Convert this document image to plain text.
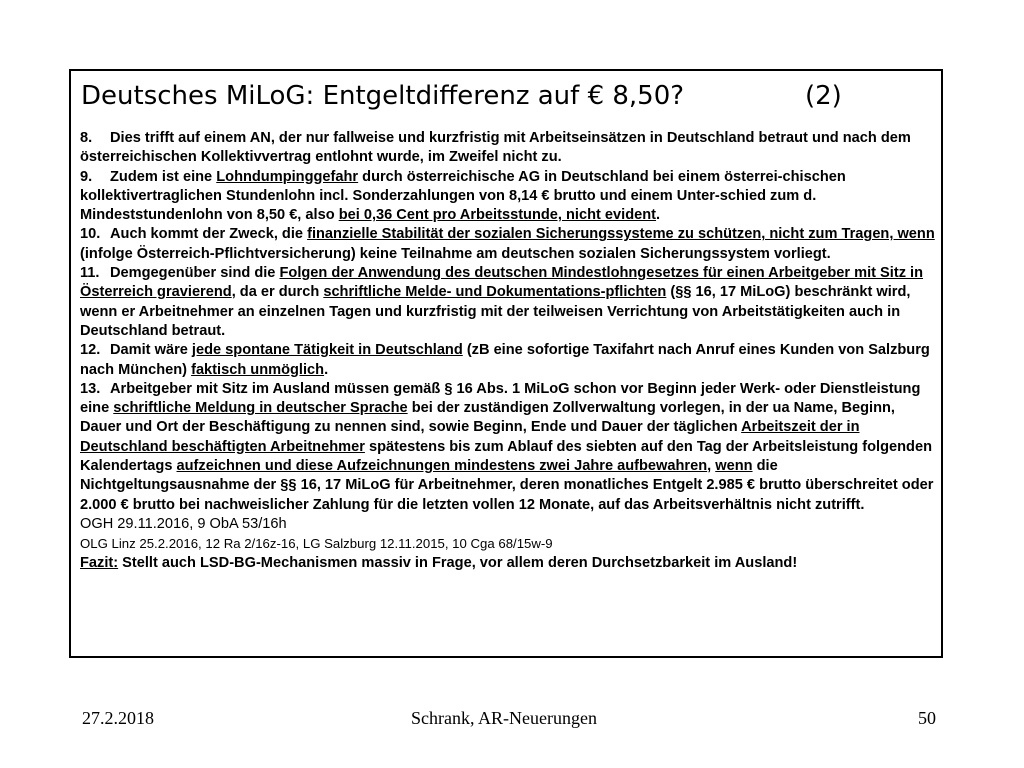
Deutsches MiLoG: Entgeltdifferenz auf € 8,50?	(2)

8. Dies trifft auf einem AN, der nur fallweise und kurzfristig mit Arbeitseinsätzen in Deutschland betraut und nach dem österreichischen Kollektivvertrag entlohnt wurde, im Zweifel nicht zu.

9. Zudem ist eine Lohndumpinggefahr durch österreichische AG in Deutschland bei einem österrei-chischen kollektivertraglichen Stundenlohn incl. Sonderzahlungen von 8,14 € brutto und einem Unter-schied zum d. Mindeststundenlohn von 8,50 €, also bei 0,36 Cent pro Arbeitsstunde, nicht evident.

10. Auch kommt der Zweck, die finanzielle Stabilität der sozialen Sicherungssysteme zu schützen, nicht zum Tragen, wenn (infolge Österreich-Pflichtversicherung) keine Teilnahme am deutschen sozialen Sicherungssystem vorliegt.

11. Demgegenüber sind die Folgen der Anwendung des deutschen Mindestlohngesetzes für einen Arbeitgeber mit Sitz in Österreich gravierend, da er durch schriftliche Melde- und Dokumentations-pflichten (§§ 16, 17 MiLoG) beschränkt wird, wenn er Arbeitnehmer an einzelnen Tagen und kurzfristig mit der teilweisen Verrichtung von Arbeitstätigkeiten auch in Deutschland betraut.

12. Damit wäre jede spontane Tätigkeit in Deutschland (zB eine sofortige Taxifahrt nach Anruf eines Kunden von Salzburg nach München) faktisch unmöglich.

13. Arbeitgeber mit Sitz im Ausland müssen gemäß § 16 Abs. 1 MiLoG schon vor Beginn jeder Werk- oder Dienstleistung eine schriftliche Meldung in deutscher Sprache bei der zuständigen Zollverwaltung vorlegen, in der ua Name, Beginn, Dauer und Ort der Beschäftigung zu nennen sind, sowie Beginn, Ende und Dauer der täglichen Arbeitszeit der in Deutschland beschäftigten Arbeitnehmer spätestens bis zum Ablauf des siebten auf den Tag der Arbeitsleistung folgenden Kalendertags aufzeichnen und diese Aufzeichnungen mindestens zwei Jahre aufbewahren, wenn die Nichtgeltungsausnahme der §§ 16, 17 MiLoG für Arbeitnehmer, deren monatliches Entgelt 2.985 € brutto überschreitet oder 2.000 € brutto bei nachweislicher Zahlung für die letzten vollen 12 Monate, auf das Arbeitsverhältnis nicht zutrifft.

OGH 29.11.2016, 9 ObA 53/16h

OLG Linz 25.2.2016, 12 Ra 2/16z-16, LG Salzburg 12.11.2015, 10 Cga 68/15w-9

Fazit: Stellt auch LSD-BG-Mechanismen massiv in Frage, vor allem deren Durchsetzbarkeit im Ausland!

27.2.2018	Schrank, AR-Neuerungen	50
